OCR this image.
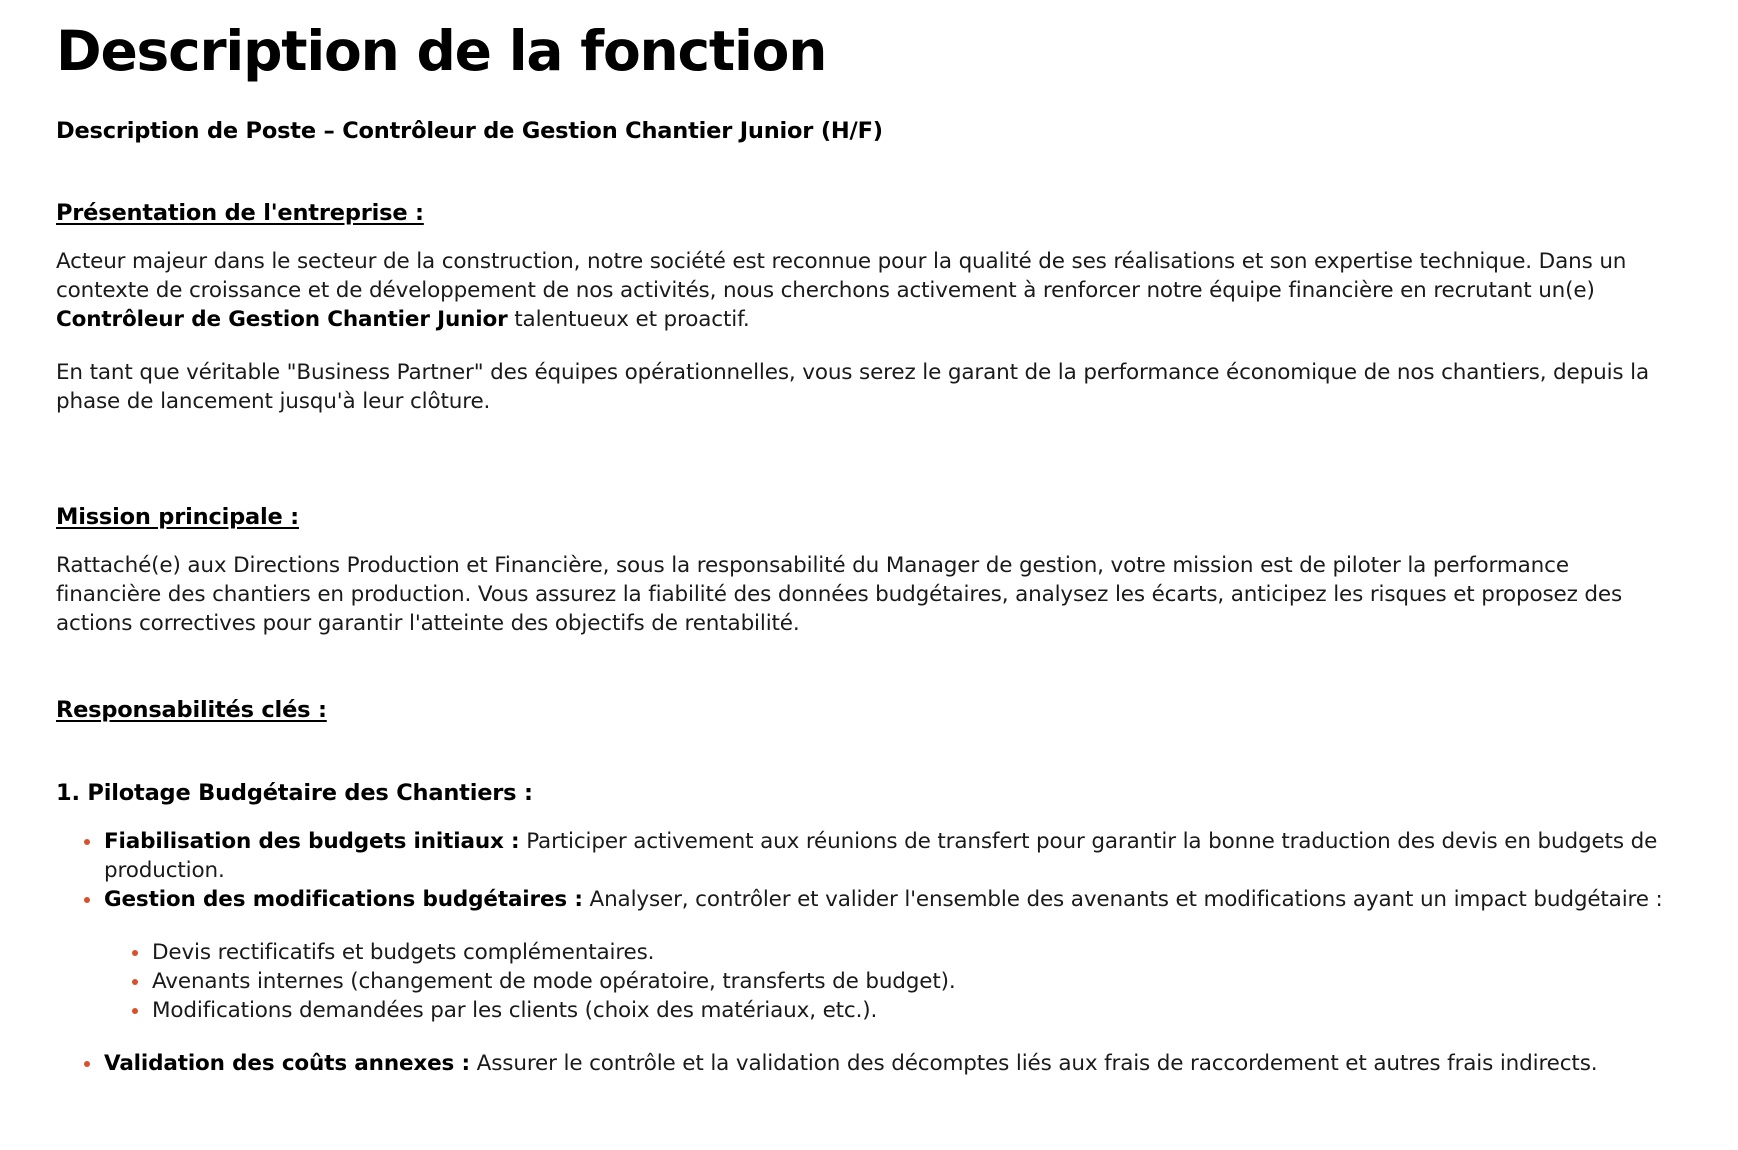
Description de la fonction

Description de Poste – Contrôleur de Gestion Chantier Junior (H/F)

Présentation de l'entreprise :

Acteur majeur dans le secteur de la construction, notre société est reconnue pour la qualité de ses réalisations et son expertise technique. Dans un contexte de croissance et de développement de nos activités, nous cherchons activement à renforcer notre équipe financière en recrutant un(e) Contrôleur de Gestion Chantier Junior talentueux et proactif.

En tant que véritable "Business Partner" des équipes opérationnelles, vous serez le garant de la performance économique de nos chantiers, depuis la phase de lancement jusqu'à leur clôture.

Mission principale :

Rattaché(e) aux Directions Production et Financière, sous la responsabilité du Manager de gestion, votre mission est de piloter la performance financière des chantiers en production. Vous assurez la fiabilité des données budgétaires, analysez les écarts, anticipez les risques et proposez des actions correctives pour garantir l'atteinte des objectifs de rentabilité.

Responsabilités clés :

1. Pilotage Budgétaire des Chantiers :

Fiabilisation des budgets initiaux : Participer activement aux réunions de transfert pour garantir la bonne traduction des devis en budgets de production.
Gestion des modifications budgétaires : Analyser, contrôler et valider l'ensemble des avenants et modifications ayant un impact budgétaire :
Devis rectificatifs et budgets complémentaires.
Avenants internes (changement de mode opératoire, transferts de budget).
Modifications demandées par les clients (choix des matériaux, etc.).
Validation des coûts annexes : Assurer le contrôle et la validation des décomptes liés aux frais de raccordement et autres frais indirects.
